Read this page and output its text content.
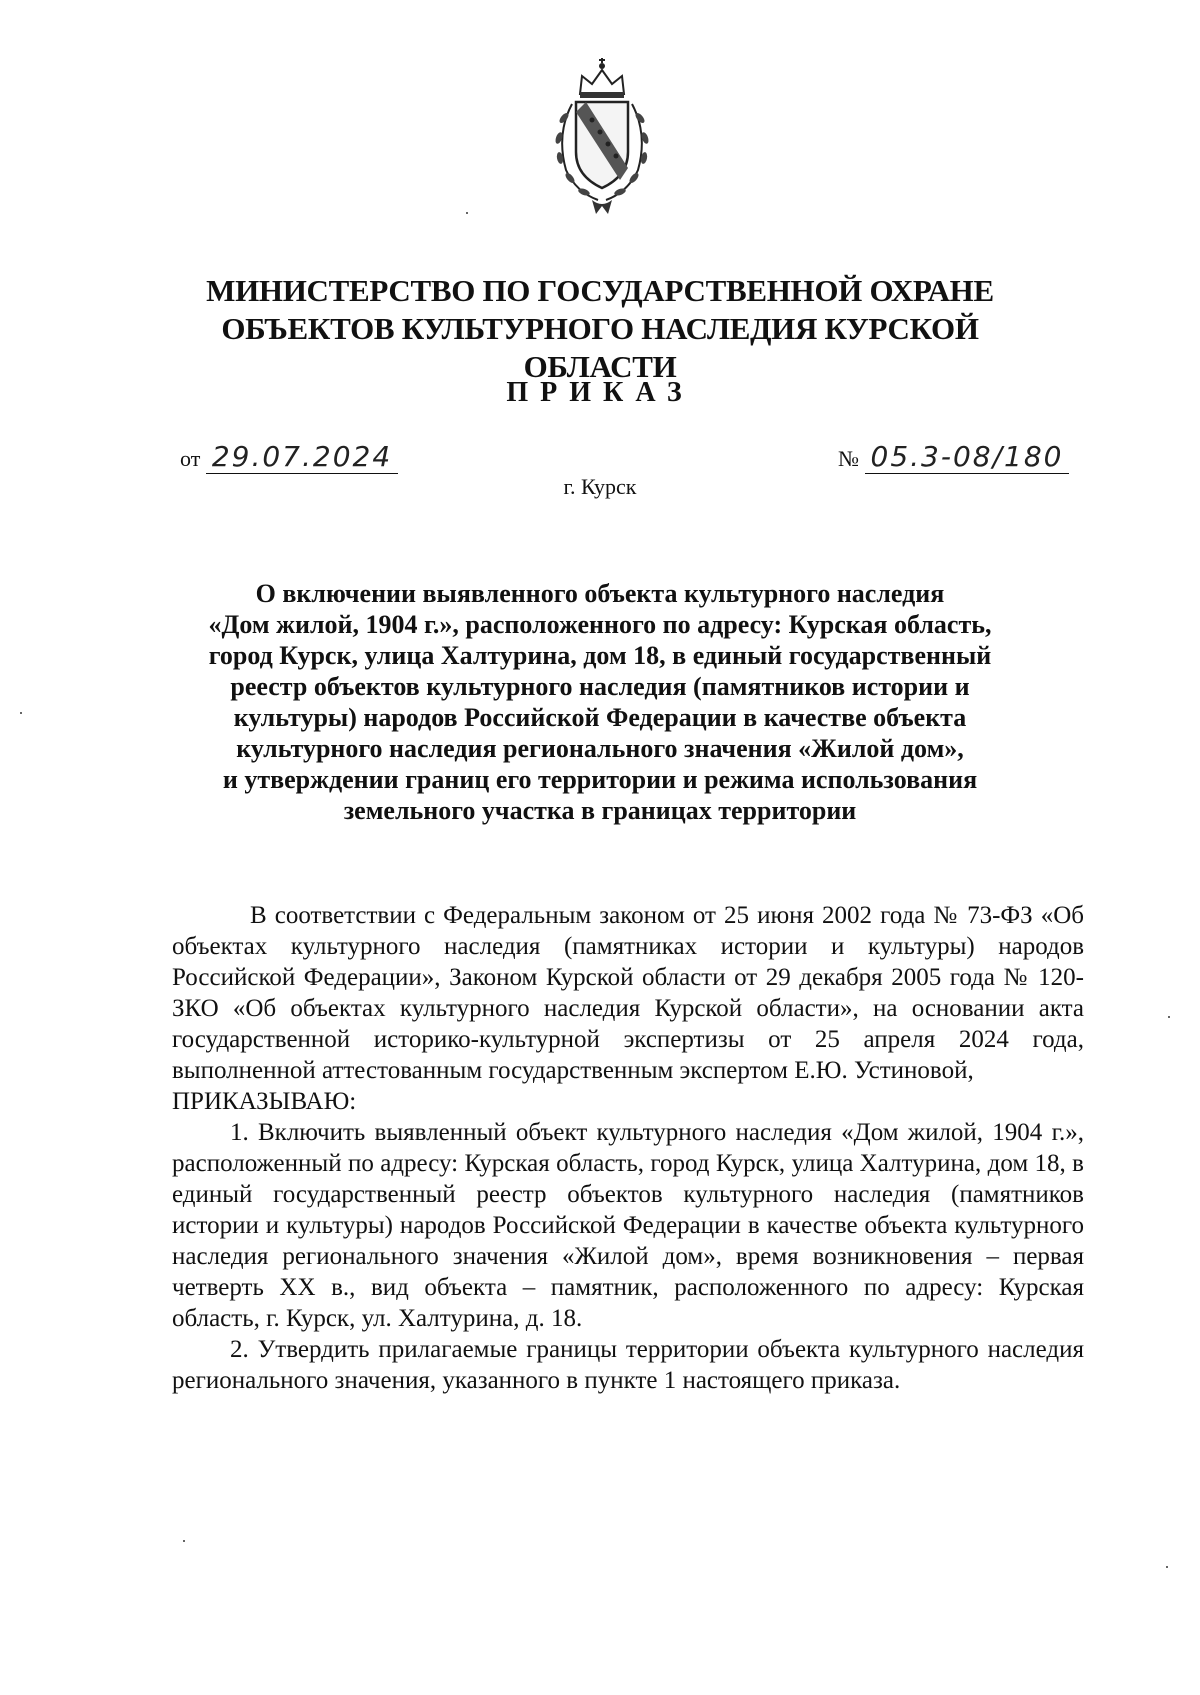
МИНИСТЕРСТВО ПО ГОСУДАРСТВЕННОЙ ОХРАНЕ
ОБЪЕКТОВ КУЛЬТУРНОГО НАСЛЕДИЯ КУРСКОЙ ОБЛАСТИ
ПРИКАЗ
от 29.07.2024	№ 05.3-08/180
г. Курск
О включении выявленного объекта культурного наследия
«Дом жилой, 1904 г.», расположенного по адресу: Курская область,
город Курск, улица Халтурина, дом 18, в единый государственный
реестр объектов культурного наследия (памятников истории и
культуры) народов Российской Федерации в качестве объекта
культурного наследия регионального значения «Жилой дом»,
и утверждении границ его территории и режима использования
земельного участка в границах территории

В соответствии с Федеральным законом от 25 июня 2002 года № 73-ФЗ «Об объектах культурного наследия (памятниках истории и культуры) народов Российской Федерации», Законом Курской области от 29 декабря 2005 года № 120-ЗКО «Об объектах культурного наследия Курской области», на основании акта государственной историко-культурной экспертизы от 25 апреля 2024 года, выполненной аттестованным государственным экспертом Е.Ю. Устиновой,
ПРИКАЗЫВАЮ:

1. Включить выявленный объект культурного наследия «Дом жилой, 1904 г.», расположенный по адресу: Курская область, город Курск, улица Халтурина, дом 18, в единый государственный реестр объектов культурного наследия (памятников истории и культуры) народов Российской Федерации в качестве объекта культурного наследия регионального значения «Жилой дом», время возникновения – первая четверть XX в., вид объекта – памятник, расположенного по адресу: Курская область, г. Курск, ул. Халтурина, д. 18.

2. Утвердить прилагаемые границы территории объекта культурного наследия регионального значения, указанного в пункте 1 настоящего приказа.
